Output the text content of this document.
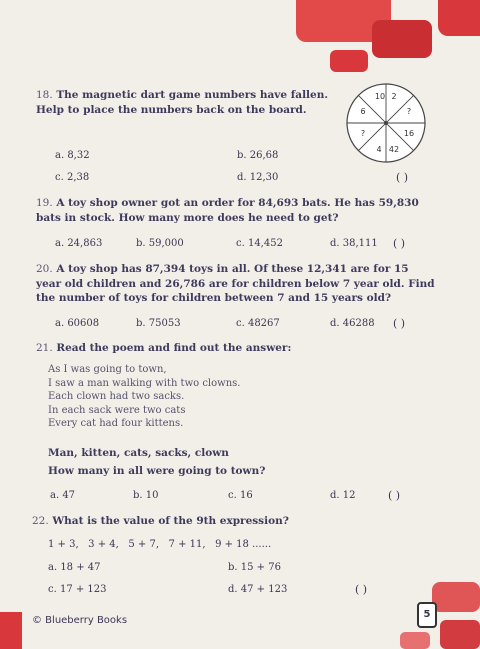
18. The magnetic dart game numbers have fallen. Help to place the numbers back on the board.
10 2
?
16
42
4
?
6
a. 8,32	b. 26,68
c. 2,38	d. 12,30	( )
19. A toy shop owner got an order for 84,693 bats. He has 59,830 bats in stock. How many more does he need to get?
a. 24,863	b. 59,000	c. 14,452	d. 38,111 ( )
20. A toy shop has 87,394 toys in all. Of these 12,341 are for 15 year old children and 26,786 are for children below 7 year old. Find the number of toys for children between 7 and 15 years old?
a. 60608	b. 75053	c. 48267	d. 46288 ( )
21. Read the poem and find out the answer:
As I was going to town,
I saw a man walking with two clowns.
Each clown had two sacks.
In each sack were two cats
Every cat had four kittens.
Man, kitten, cats, sacks, clown
How many in all were going to town?
a. 47	b. 10	c. 16	d. 12	( )
22. What is the value of the 9th expression?
1 + 3,   3 + 4,   5 + 7,   7 + 11,   9 + 18 ......
a. 18 + 47	b. 15 + 76
c. 17 + 123	d. 47 + 123	( )
© Blueberry Books
5
